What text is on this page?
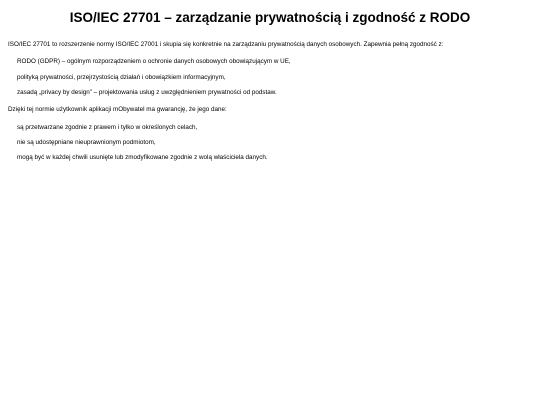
ISO/IEC 27701 – zarządzanie prywatnością i zgodność z RODO

ISO/IEC 27701 to rozszerzenie normy ISO/IEC 27001 i skupia się konkretnie na zarządzaniu prywatnością danych osobowych. Zapewnia pełną zgodność z:

RODO (GDPR) – ogólnym rozporządzeniem o ochronie danych osobowych obowiązującym w UE,

polityką prywatności, przejrzystością działań i obowiązkiem informacyjnym,

zasadą „privacy by design” – projektowania usług z uwzględnieniem prywatności od podstaw.

Dzięki tej normie użytkownik aplikacji mObywatel ma gwarancję, że jego dane:

są przetwarzane zgodnie z prawem i tylko w określonych celach,

nie są udostępniane nieuprawnionym podmiotom,

mogą być w każdej chwili usunięte lub zmodyfikowane zgodnie z wolą właściciela danych.
